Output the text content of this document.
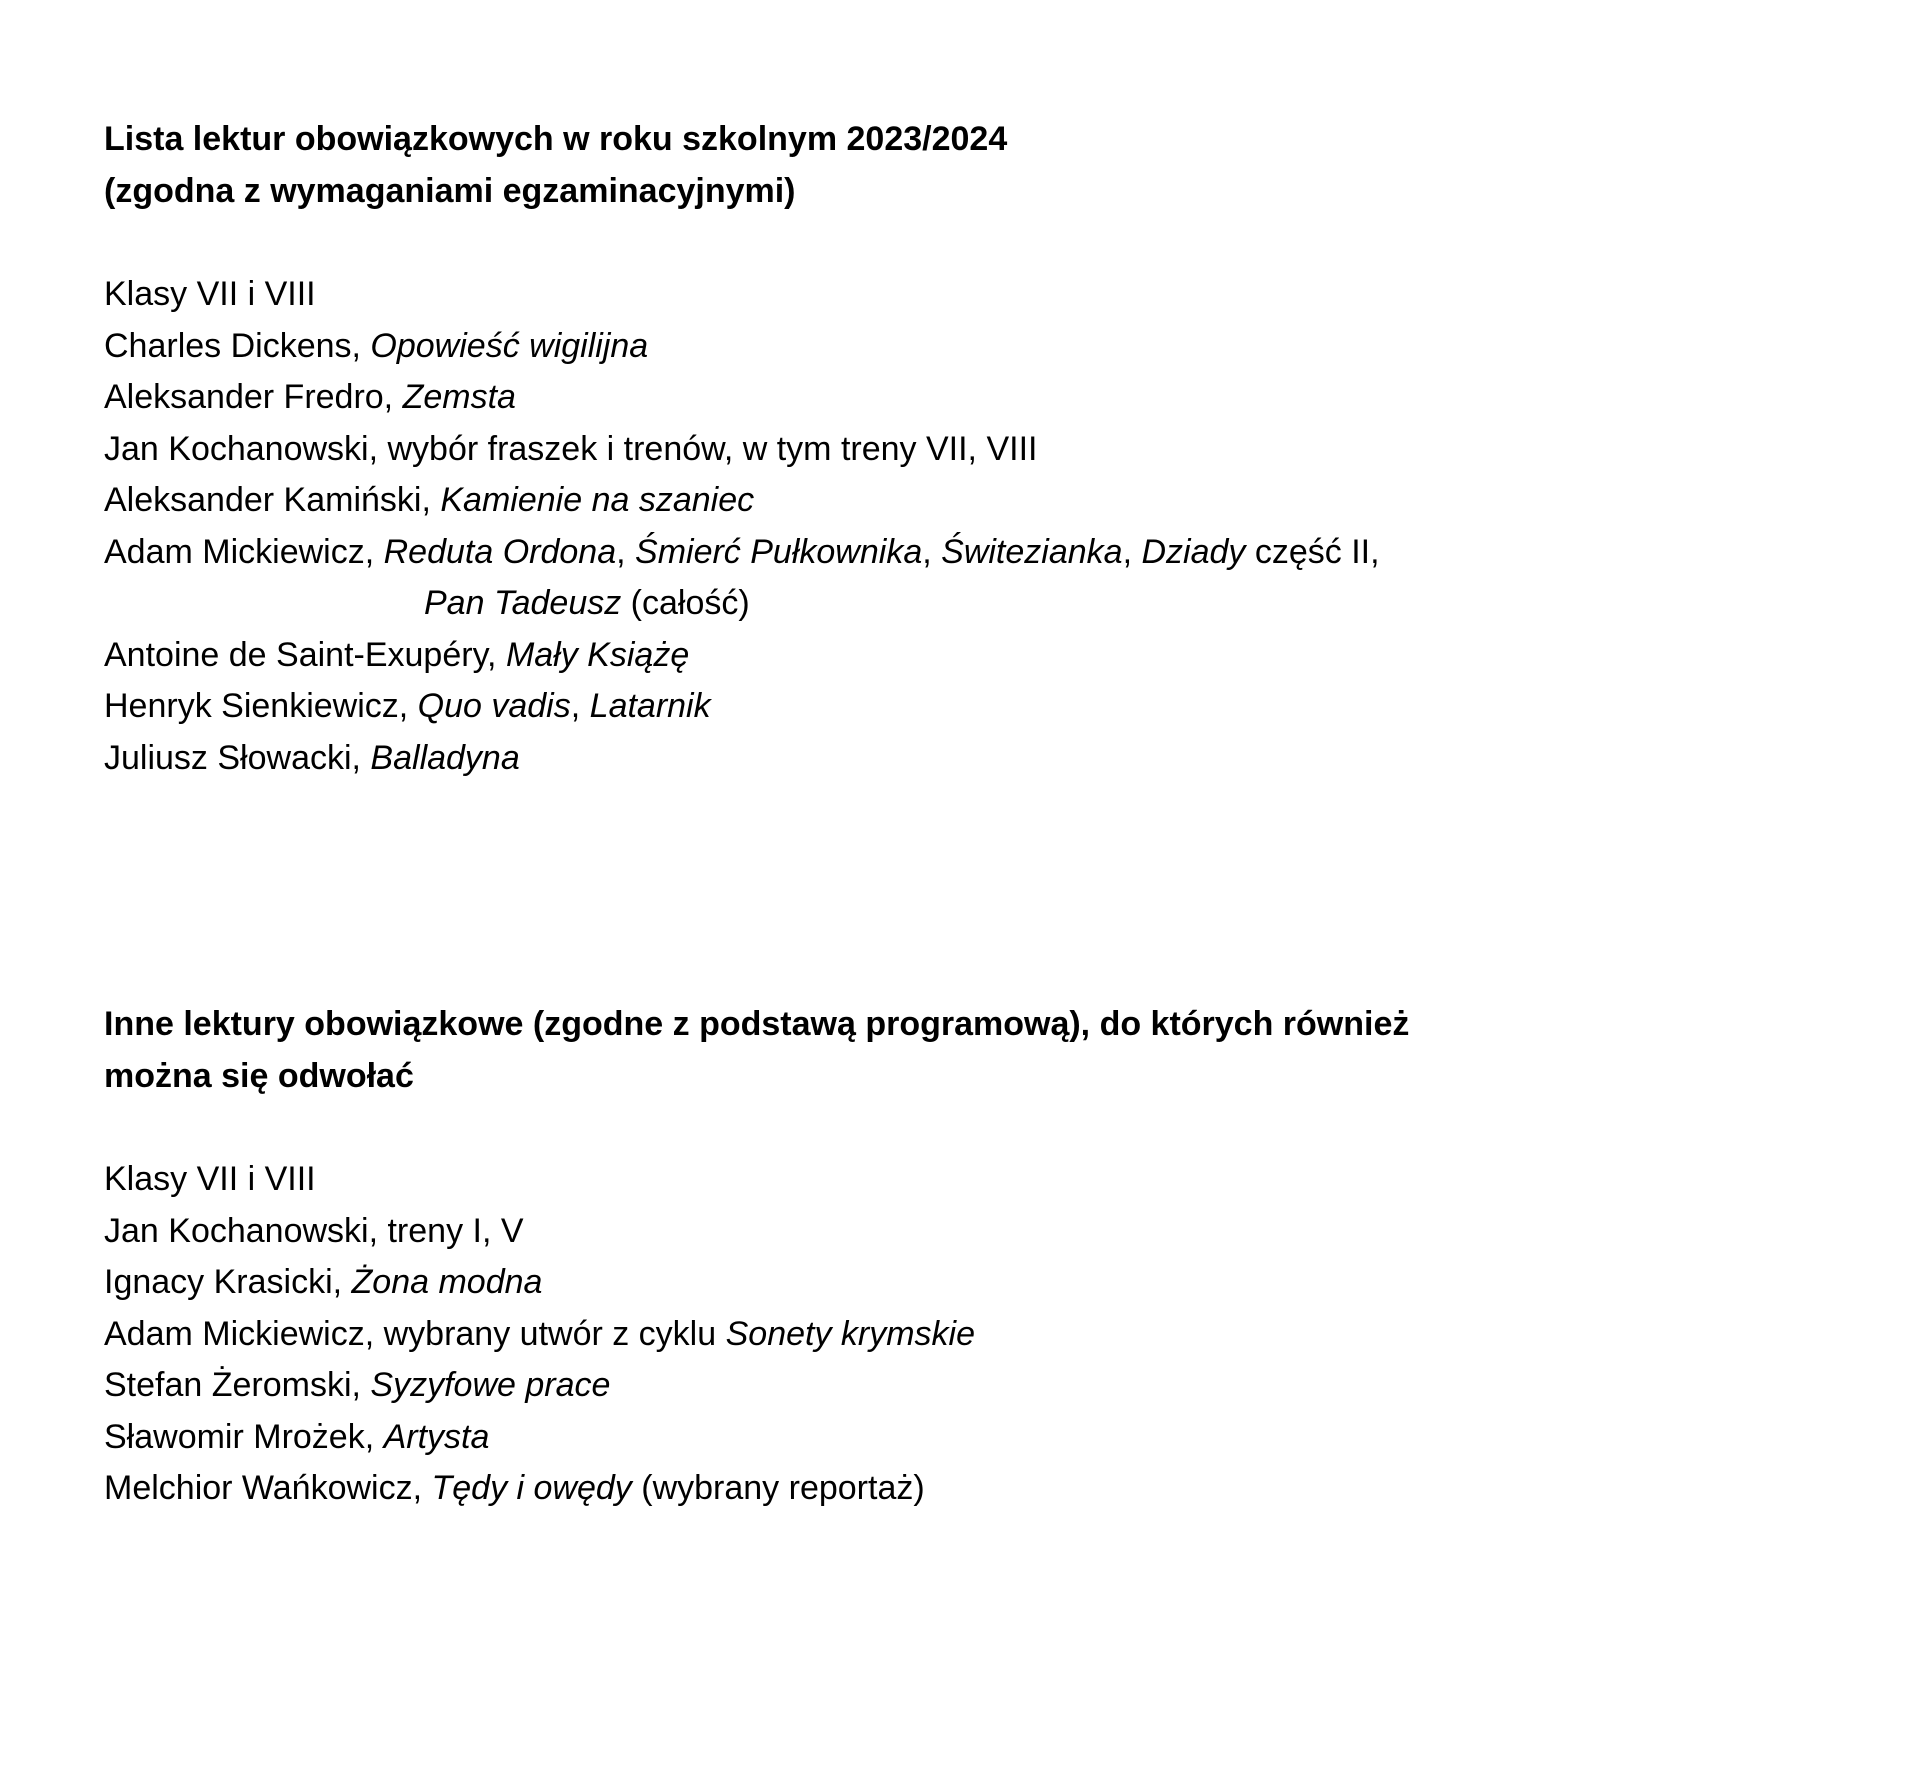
Lista lektur obowiązkowych w roku szkolnym 2023/2024
(zgodna z wymaganiami egzaminacyjnymi)
Klasy VII i VIII
Charles Dickens, Opowieść wigilijna
Aleksander Fredro, Zemsta
Jan Kochanowski, wybór fraszek i trenów, w tym treny VII, VIII
Aleksander Kamiński, Kamienie na szaniec
Adam Mickiewicz, Reduta Ordona, Śmierć Pułkownika, Świtezianka, Dziady część II,
Pan Tadeusz (całość)
Antoine de Saint-Exupéry, Mały Książę
Henryk Sienkiewicz, Quo vadis, Latarnik
Juliusz Słowacki, Balladyna
Inne lektury obowiązkowe (zgodne z podstawą programową), do których również
można się odwołać
Klasy VII i VIII
Jan Kochanowski, treny I, V
Ignacy Krasicki, Żona modna
Adam Mickiewicz, wybrany utwór z cyklu Sonety krymskie
Stefan Żeromski, Syzyfowe prace
Sławomir Mrożek, Artysta
Melchior Wańkowicz, Tędy i owędy (wybrany reportaż)
